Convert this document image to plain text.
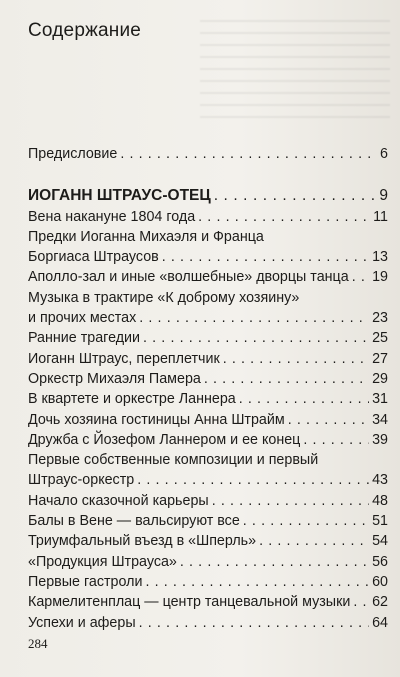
Содержание
Предисловие . . .	6
ИОГАНН ШТРАУС-ОТЕЦ . . .	9
Вена накануне 1804 года . . .	11
Предки Иоганна Михаэля и Франца
Боргиаса Штраусов . . .	13
Аполло-зал и иные «волшебные» дворцы танца . . . 19
Музыка в трактире «К доброму хозяину»
и прочих местах . . .	23
Ранние трагедии . . .	25
Иоганн Штраус, переплетчик . . .	27
Оркестр Михаэля Памера . . .	29
В квартете и оркестре Ланнера . . .	31
Дочь хозяина гостиницы Анна Штрайм . . .	34
Дружба с Йозефом Ланнером и ее конец . . .	39
Первые собственные композиции и первый
Штраус-оркестр . . .	43
Начало сказочной карьеры . . .	48
Балы в Вене — вальсируют все . . .	51
Триумфальный въезд в «Шперль» . . .	54
«Продукция Штрауса» . . .	56
Первые гастроли . . .	60
Кармелитенплац — центр танцевальной музыки . . . 62
Успехи и аферы . . .	64
284
